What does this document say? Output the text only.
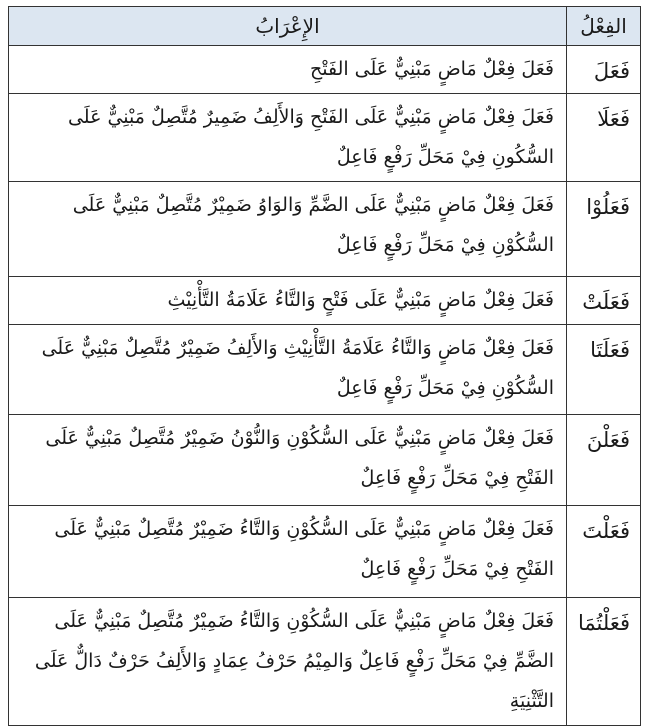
الفِعْلُ	الإِعْرَابُ
فَعَلَ	فَعَلَ فِعْلٌ مَاضٍ مَبْنِيٌّ عَلَى الفَتْحِ
فَعَلَا	فَعَلَ فِعْلٌ مَاضٍ مَبْنِيٌّ عَلَى الفَتْحِ وَالأَلِفُ ضَمِيرٌ مُتَّصِلٌ مَبْنِيٌّ عَلَى السُّكُونِ فِيْ مَحَلِّ رَفْعٍ فَاعِلٌ
فَعَلُوْا	فَعَلَ فِعْلٌ مَاضٍ مَبْنِيٌّ عَلَى الضَّمِّ وَالوَاوُ ضَمِيْرٌ مُتَّصِلٌ مَبْنِيٌّ عَلَى السُّكُوْنِ فِيْ مَحَلِّ رَفْعٍ فَاعِلٌ
فَعَلَتْ	فَعَلَ فِعْلٌ مَاضٍ مَبْنِيٌّ عَلَى فَتْحٍ وَالتَّاءُ عَلَامَةُ التَّأْنِيْثِ
فَعَلَتَا	فَعَلَ فِعْلٌ مَاضٍ وَالتَّاءُ عَلَامَةُ التَّأْنِيْثِ وَالأَلِفُ ضَمِيْرٌ مُتَّصِلٌ مَبْنِيٌّ عَلَى السُّكُوْنِ فِيْ مَحَلِّ رَفْعٍ فَاعِلٌ
فَعَلْنَ	فَعَلَ فِعْلٌ مَاضٍ مَبْنِيٌّ عَلَى السُّكُوْنِ وَالنُّوْنُ ضَمِيْرٌ مُتَّصِلٌ مَبْنِيٌّ عَلَى الفَتْحِ فِيْ مَحَلِّ رَفْعٍ فَاعِلٌ
فَعَلْتَ	فَعَلَ فِعْلٌ مَاضٍ مَبْنِيٌّ عَلَى السُّكُوْنِ وَالتَّاءُ ضَمِيْرٌ مُتَّصِلٌ مَبْنِيٌّ عَلَى الفَتْحِ فِيْ مَحَلِّ رَفْعٍ فَاعِلٌ
فَعَلْتُمَا	فَعَلَ فِعْلٌ مَاضٍ مَبْنِيٌّ عَلَى السُّكُوْنِ وَالتَّاءُ ضَمِيْرٌ مُتَّصِلٌ مَبْنِيٌّ عَلَى الضَّمِّ فِيْ مَحَلِّ رَفْعٍ فَاعِلٌ وَالمِيْمُ حَرْفُ عِمَادٍ وَالأَلِفُ حَرْفٌ دَالٌّ عَلَى التَّثْنِيَةِ
